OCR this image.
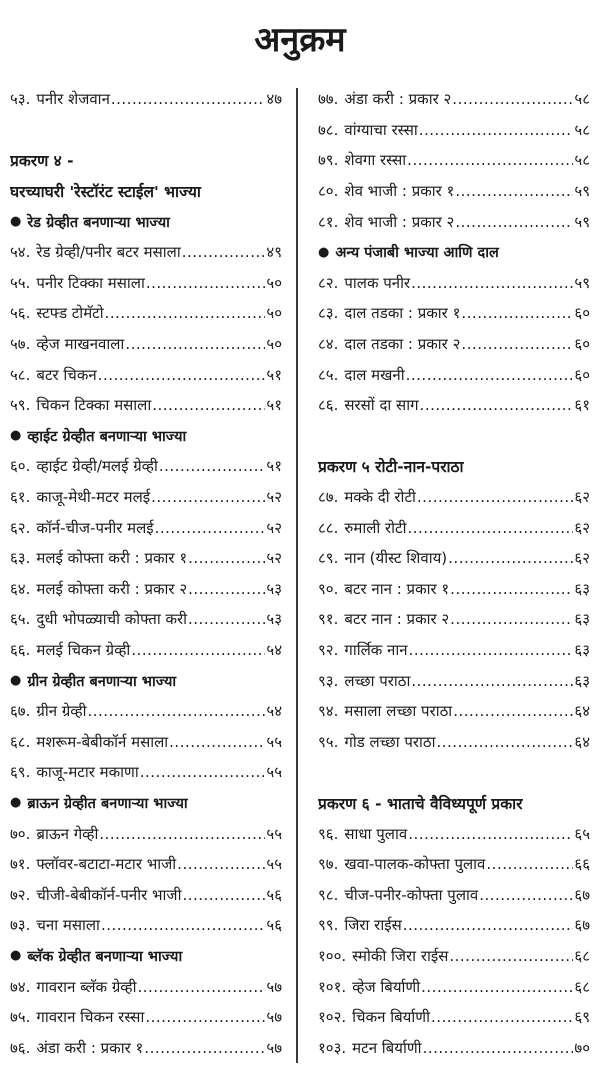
अनुक्रम
५३. पनीर शेजवान .....	४७
प्रकरण ४ -
घरच्याघरी 'रेस्टॉरंट स्टाईल' भाज्या
● रेड ग्रेव्हीत बनणाऱ्या भाज्या
५४. रेड ग्रेव्ही/पनीर बटर मसाला .....	४९
५५. पनीर टिक्का मसाला .....	५०
५६. स्टफ्ड टोमॅटो .....	५०
५७. व्हेज माखनवाला .....	५०
५८. बटर चिकन .....	५१
५९. चिकन टिक्का मसाला .....	५१
● व्हाईट ग्रेव्हीत बनणाऱ्या भाज्या
६०. व्हाईट ग्रेव्ही/मलई ग्रेव्ही .....	५१
६१. काजू-मेथी-मटर मलई .....	५२
६२. कॉर्न-चीज-पनीर मलई .....	५२
६३. मलई कोफ्ता करी : प्रकार १ .....	५२
६४. मलई कोफ्ता करी : प्रकार २ .....	५३
६५. दुधी भोपळ्याची कोफ्ता करी .....	५३
६६. मलई चिकन ग्रेव्ही .....	५४
● ग्रीन ग्रेव्हीत बनणाऱ्या भाज्या
६७. ग्रीन ग्रेव्ही .....	५४
६८. मशरूम-बेबीकॉर्न मसाला .....	५५
६९. काजू-मटार मकाणा .....	५५
● ब्राऊन ग्रेव्हीत बनणाऱ्या भाज्या
७०. ब्राऊन गेव्ही .....	५५
७१. फ्लॉवर-बटाटा-मटार भाजी .....	५५
७२. चीजी-बेबीकॉर्न-पनीर भाजी .....	५६
७३. चना मसाला .....	५६
● ब्लॅक ग्रेव्हीत बनणाऱ्या भाज्या
७४. गावरान ब्लॅक ग्रेव्ही .....	५७
७५. गावरान चिकन रस्सा .....	५७
७६. अंडा करी : प्रकार १ .....	५७
७७. अंडा करी : प्रकार २ .....	५८
७८. वांग्याचा रस्सा .....	५८
७९. शेवगा रस्सा .....	५८
८०. शेव भाजी : प्रकार १ .....	५९
८१. शेव भाजी : प्रकार २ .....	५९
● अन्य पंजाबी भाज्या आणि दाल
८२. पालक पनीर .....	५९
८३. दाल तडका : प्रकार १ .....	६०
८४. दाल तडका : प्रकार २ .....	६०
८५. दाल मखनी .....	६०
८६. सरसों दा साग .....	६१
प्रकरण ५ रोटी-नान-पराठा
८७. मक्के दी रोटी .....	६२
८८. रुमाली रोटी .....	६२
८९. नान (यीस्ट शिवाय) .....	६२
९०. बटर नान : प्रकार १ .....	६३
९१. बटर नान : प्रकार २ .....	६३
९२. गार्लिक नान .....	६३
९३. लच्छा पराठा .....	६३
९४. मसाला लच्छा पराठा .....	६४
९५. गोड लच्छा पराठा .....	६४
प्रकरण ६ - भाताचे वैविध्यपूर्ण प्रकार
९६. साधा पुलाव .....	६५
९७. खवा-पालक-कोफ्ता पुलाव .....	६६
९८. चीज-पनीर-कोफ्ता पुलाव .....	६७
९९. जिरा राईस .....	६७
१००. स्मोकी जिरा राईस .....	६८
१०१. व्हेज बिर्याणी .....	६८
१०२. चिकन बिर्याणी .....	६९
१०३. मटन बिर्याणी .....	७०
